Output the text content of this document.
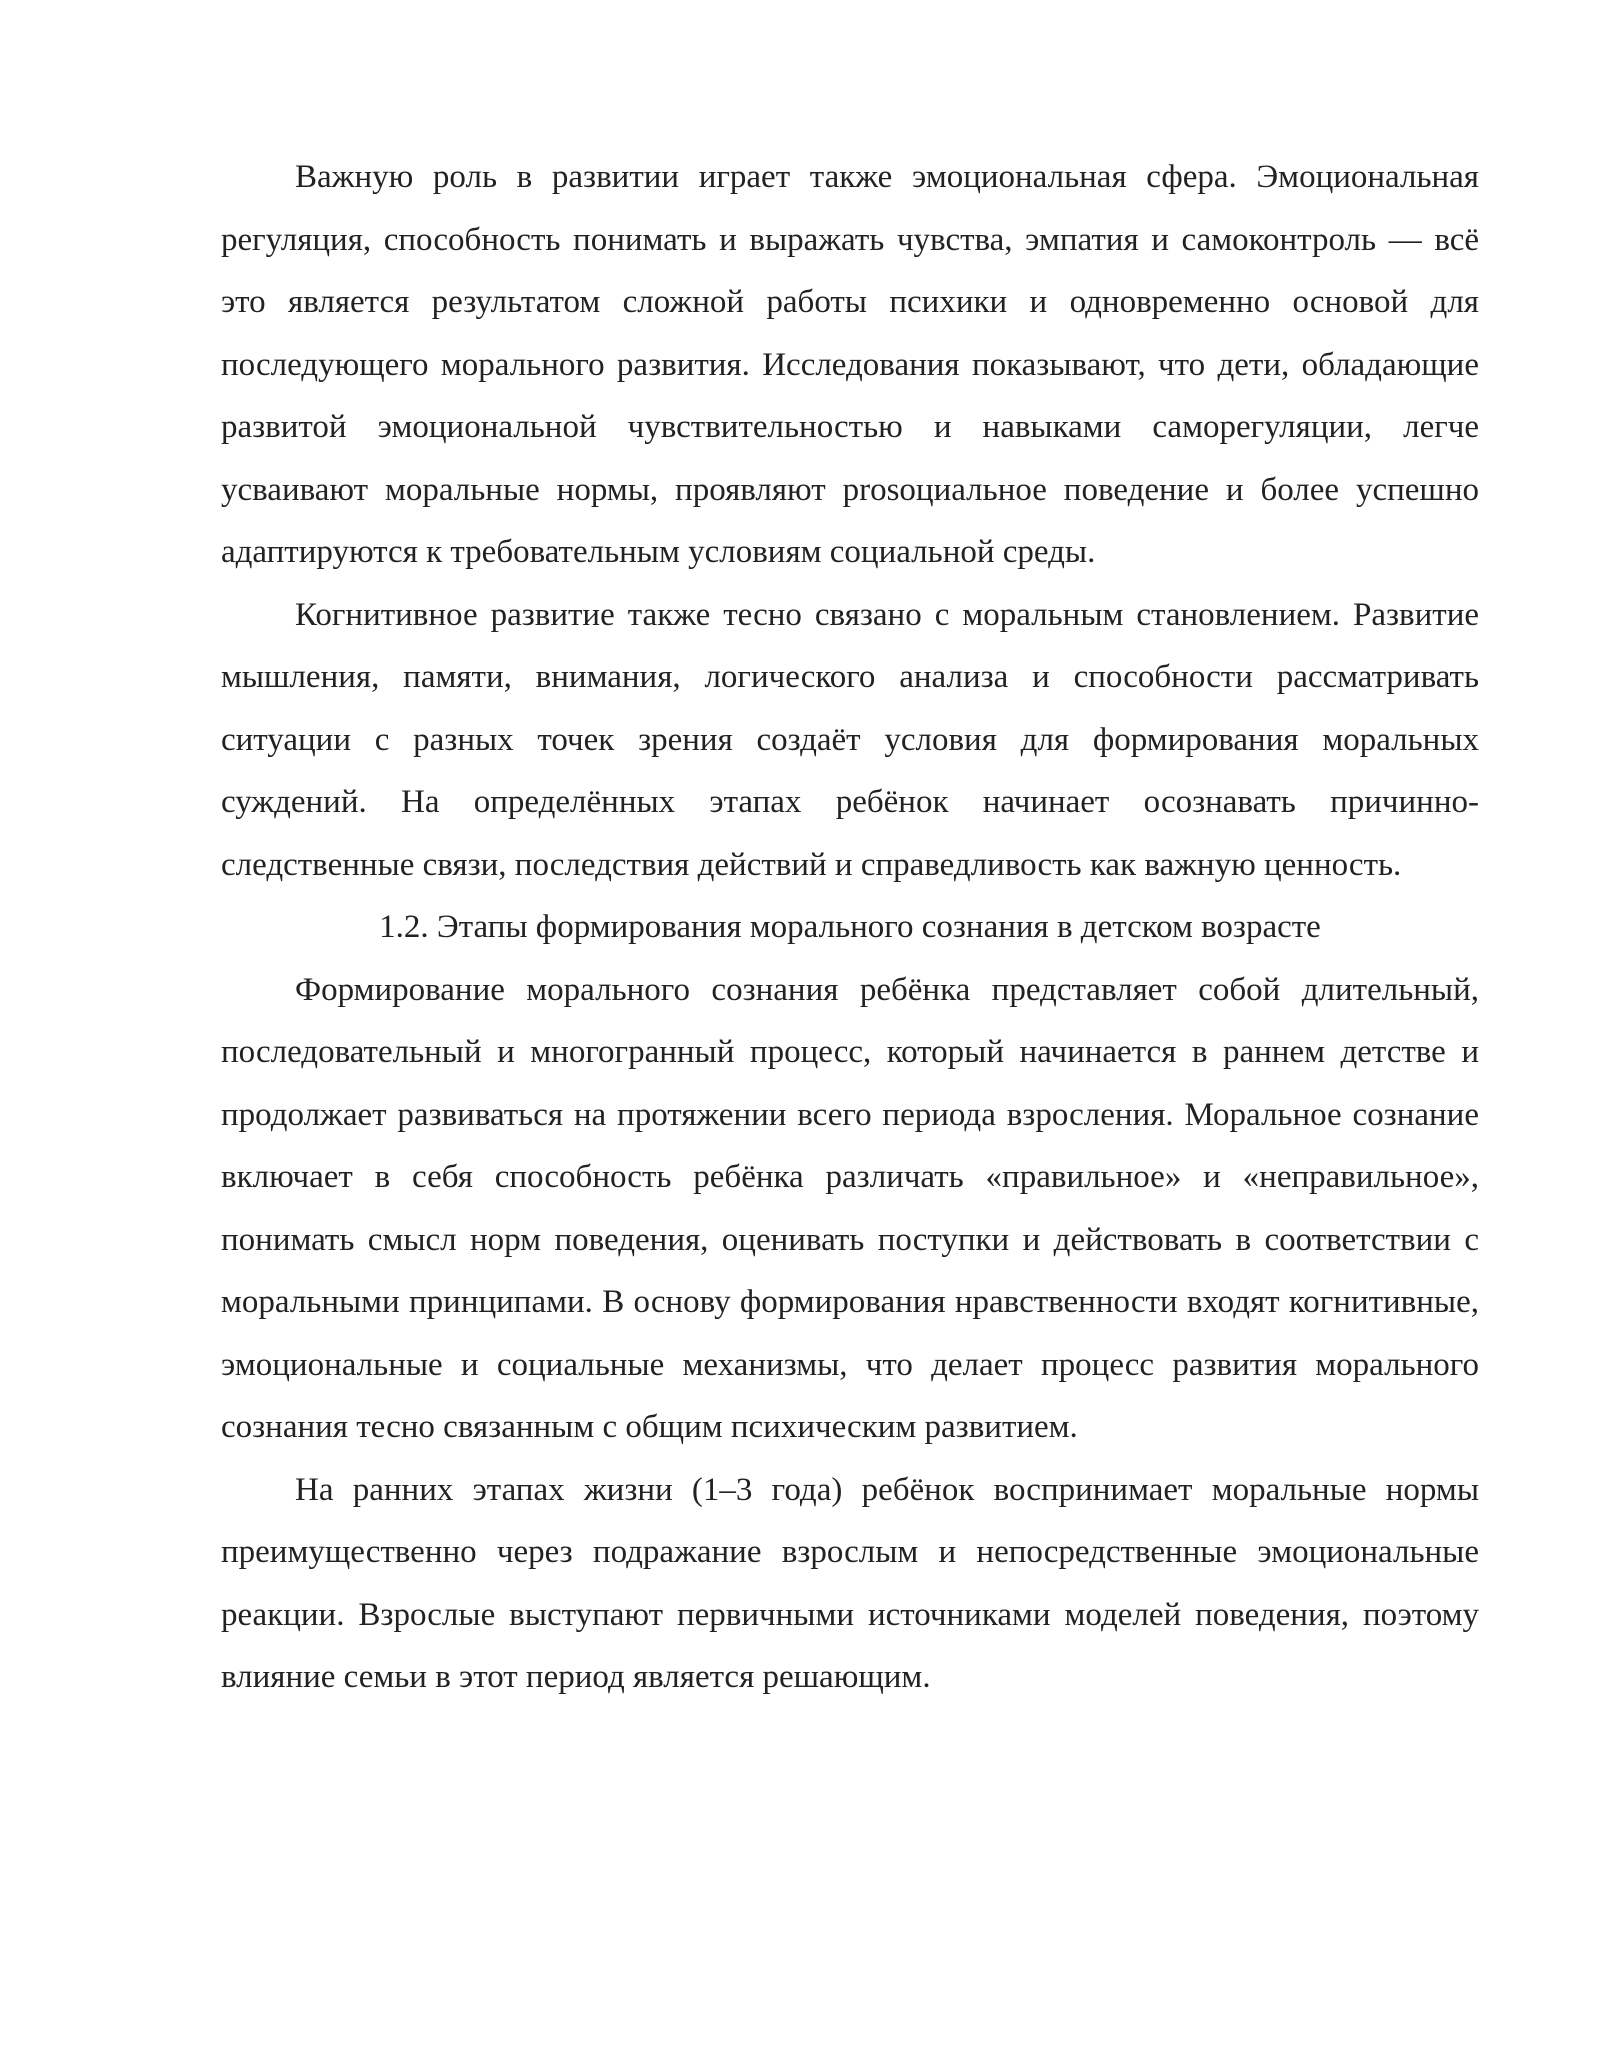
Важную роль в развитии играет также эмоциональная сфера. Эмоциональная регуляция, способность понимать и выражать чувства, эмпатия и самоконтроль — всё это является результатом сложной работы психики и одновременно основой для последующего морального развития. Исследования показывают, что дети, обладающие развитой эмоциональной чувствительностью и навыками саморегуляции, легче усваивают моральные нормы, проявляют prosоциальное поведение и более успешно адаптируются к требовательным условиям социальной среды.

Когнитивное развитие также тесно связано с моральным становлением. Развитие мышления, памяти, внимания, логического анализа и способности рассматривать ситуации с разных точек зрения создаёт условия для формирования моральных суждений. На определённых этапах ребёнок начинает осознавать причинно-следственные связи, последствия действий и справедливость как важную ценность.

1.2. Этапы формирования морального сознания в детском возрасте

Формирование морального сознания ребёнка представляет собой длительный, последовательный и многогранный процесс, который начинается в раннем детстве и продолжает развиваться на протяжении всего периода взросления. Моральное сознание включает в себя способность ребёнка различать «правильное» и «неправильное», понимать смысл норм поведения, оценивать поступки и действовать в соответствии с моральными принципами. В основу формирования нравственности входят когнитивные, эмоциональные и социальные механизмы, что делает процесс развития морального сознания тесно связанным с общим психическим развитием.

На ранних этапах жизни (1–3 года) ребёнок воспринимает моральные нормы преимущественно через подражание взрослым и непосредственные эмоциональные реакции. Взрослые выступают первичными источниками моделей поведения, поэтому влияние семьи в этот период является решающим.
